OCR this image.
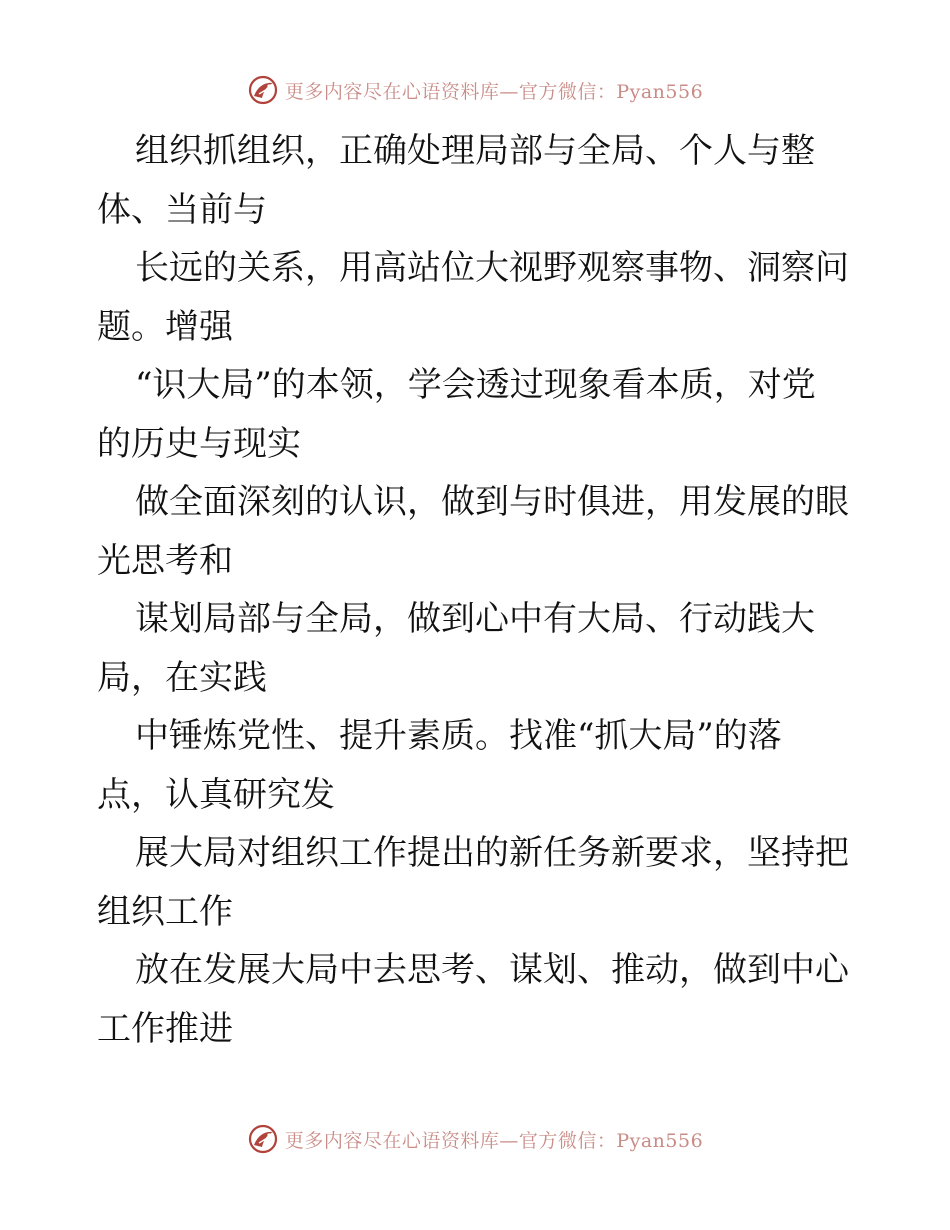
更多内容尽在心语资料库—官方微信：Pyan556
组织抓组织，正确处理局部与全局、个人与整
体、当前与
长远的关系，用高站位大视野观察事物、洞察问
题。增强
“识大局”的本领，学会透过现象看本质，对党
的历史与现实
做全面深刻的认识，做到与时俱进，用发展的眼
光思考和
谋划局部与全局，做到心中有大局、行动践大
局，在实践
中锤炼党性、提升素质。找准“抓大局”的落
点，认真研究发
展大局对组织工作提出的新任务新要求，坚持把
组织工作
放在发展大局中去思考、谋划、推动，做到中心
工作推进
更多内容尽在心语资料库—官方微信：Pyan556
